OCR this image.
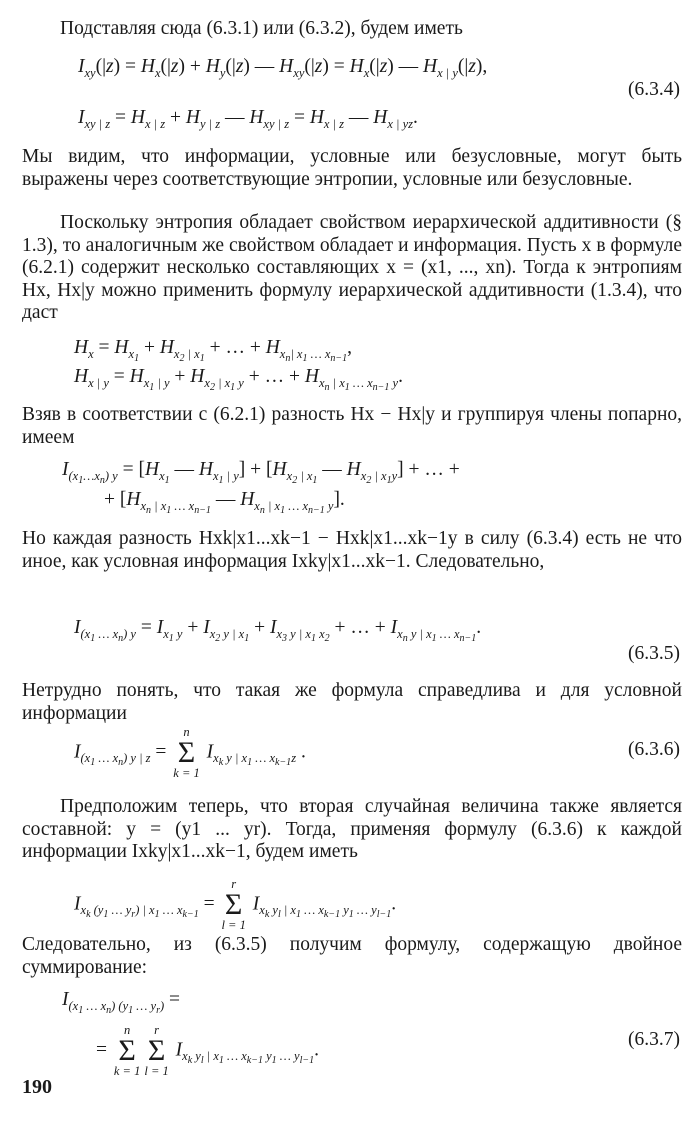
Подставляя сюда (6.3.1) или (6.3.2), будем иметь

$I_{xy}(|z) = H_x(|z) + H_y(|z)$ — $H_{xy}(|z) = H_x(|z)$ — $H_{x | y}(|z)$,
(6.3.4)
$I_{xy | z} = H_{x | z} + H_{y | z}$ — $H_{xy | z} = H_{x | z}$ — $H_{x | yz}$.

Мы видим, что информации, условные или безусловные, могут быть выражены через соответствующие энтропии, условные или безусловные.

Поскольку энтропия обладает свойством иерархической аддитивности (§ 1.3), то аналогичным же свойством обладает и информация. Пусть x в формуле (6.2.1) содержит несколько составляющих x = (x1, ..., xn). Тогда к энтропиям Hx, Hx|y можно применить формулу иерархической аддитивности (1.3.4), что даст

$H_x = H_{x_1} + H_{x_2 | x_1}$ + … + $H_{x_n| x_1 \dots x_{n-1}}$,
$H_{x | y} = H_{x_1 | y} + H_{x_2 | x_1 y}$ + … + $H_{x_n | x_1 \dots x_{n-1} y}$.

Взяв в соответствии с (6.2.1) разность Hx − Hx|y и группируя члены попарно, имеем

$I_{(x_1\dots x_n) y} = [H_{x_1}$ — $H_{x_1 | y}] + [H_{x_2 | x_1}$ — $H_{x_2 | x_1y}$] + … +
+ [$H_{x_n | x_1 \dots x_{n-1}}$ — $H_{x_n | x_1 \dots x_{n-1} y}$].

Но каждая разность Hxk|x1...xk−1 − Hxk|x1...xk−1y в силу (6.3.4) есть не что иное, как условная информация Ixky|x1...xk−1. Следовательно,

$I_{(x_1 \dots x_n) y} = I_{x_1 y} + I_{x_2 y | x_1} + I_{x_3 y | x_1 x_2}$ + … + $I_{x_n y | x_1 \dots x_{n-1}}$.
(6.3.5)

Нетрудно понять, что такая же формула справедлива и для условной информации

$I_{(x_1 \dots x_n) y | z}$ =
n
Σ
k = 1
$I_{x_k y | x_1 \dots x_{k-1}z}$ .	(6.3.6)

Предположим теперь, что вторая случайная величина также является составной: y = (y1 ... yr). Тогда, применяя формулу (6.3.6) к каждой информации Ixky|x1...xk−1, будем иметь

$I_{x_k (y_1 \dots y_r) | x_1 \dots x_{k-1}}$ =
r
Σ
l = 1
$I_{x_k y_l | x_1 \dots x_{k-1} y_1 \dots y_{l-1}}$.

Следовательно, из (6.3.5) получим формулу, содержащую двойное суммирование:

$I_{(x_1 \dots x_n) (y_1 \dots y_r)}$ =
=
n
Σ
k = 1
r
Σ
l = 1
$I_{x_k y_l | x_1 \dots x_{k-1} y_1 \dots y_{l-1}}$.	(6.3.7)
190
